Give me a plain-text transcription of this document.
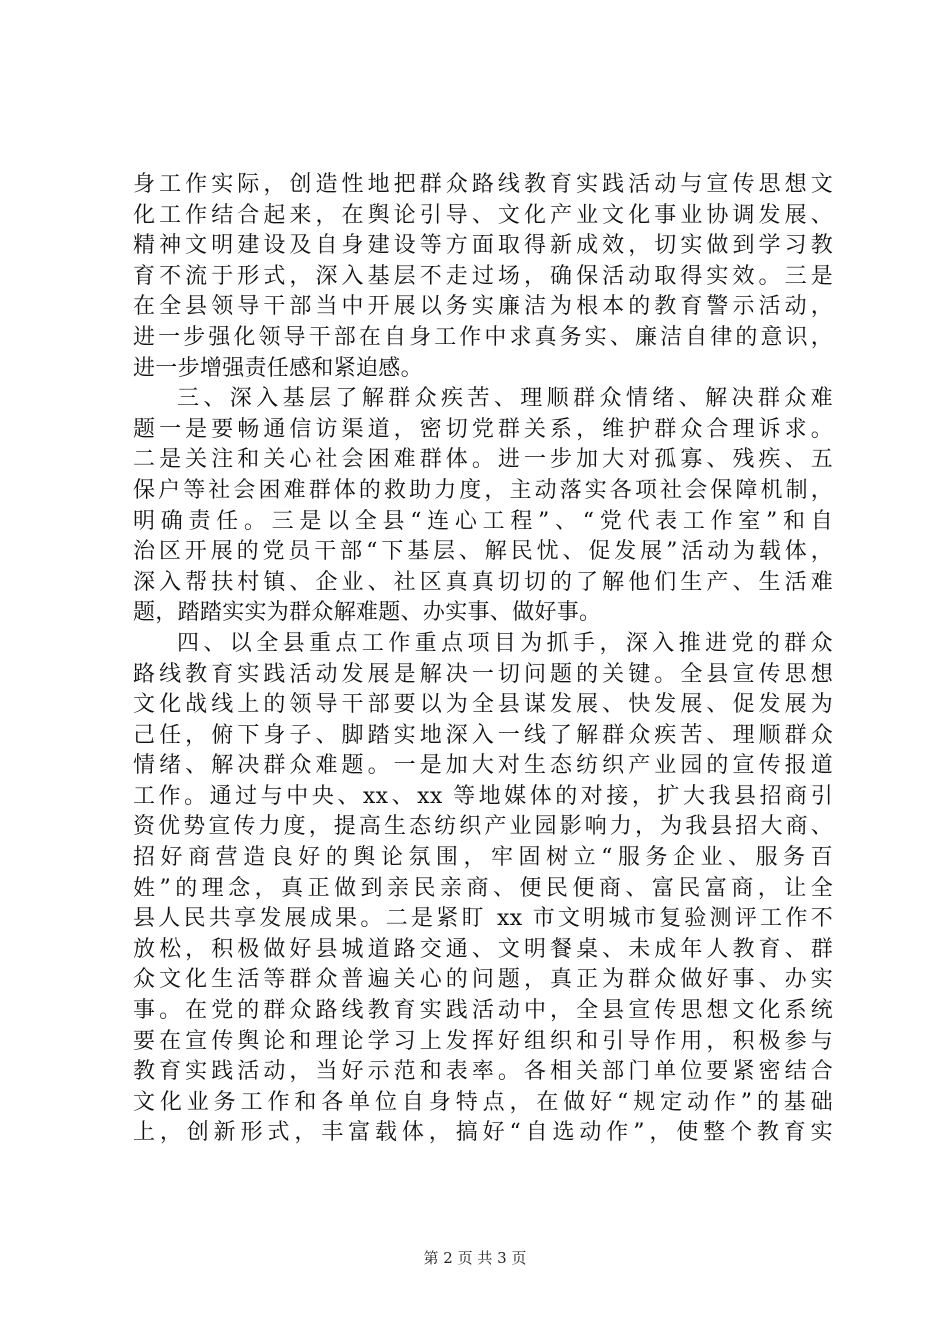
身工作实际，创造性地把群众路线教育实践活动与宣传思想文
化工作结合起来，在舆论引导、文化产业文化事业协调发展、
精神文明建设及自身建设等方面取得新成效，切实做到学习教
育不流于形式，深入基层不走过场，确保活动取得实效。三是
在全县领导干部当中开展以务实廉洁为根本的教育警示活动，
进一步强化领导干部在自身工作中求真务实、廉洁自律的意识，
进一步增强责任感和紧迫感。
三、深入基层了解群众疾苦、理顺群众情绪、解决群众难
题一是要畅通信访渠道，密切党群关系，维护群众合理诉求。
二是关注和关心社会困难群体。进一步加大对孤寡、残疾、五
保户等社会困难群体的救助力度，主动落实各项社会保障机制，
明确责任。三是以全县“连心工程”、“党代表工作室”和自
治区开展的党员干部“下基层、解民忧、促发展”活动为载体，
深入帮扶村镇、企业、社区真真切切的了解他们生产、生活难
题，踏踏实实为群众解难题、办实事、做好事。
四、以全县重点工作重点项目为抓手，深入推进党的群众
路线教育实践活动发展是解决一切问题的关键。全县宣传思想
文化战线上的领导干部要以为全县谋发展、快发展、促发展为
己任，俯下身子、脚踏实地深入一线了解群众疾苦、理顺群众
情绪、解决群众难题。一是加大对生态纺织产业园的宣传报道
工作。通过与中央、xx、xx 等地媒体的对接，扩大我县招商引
资优势宣传力度，提高生态纺织产业园影响力，为我县招大商、
招好商营造良好的舆论氛围，牢固树立“服务企业、服务百
姓”的理念，真正做到亲民亲商、便民便商、富民富商，让全
县人民共享发展成果。二是紧盯 xx 市文明城市复验测评工作不
放松，积极做好县城道路交通、文明餐桌、未成年人教育、群
众文化生活等群众普遍关心的问题，真正为群众做好事、办实
事。在党的群众路线教育实践活动中，全县宣传思想文化系统
要在宣传舆论和理论学习上发挥好组织和引导作用，积极参与
教育实践活动，当好示范和表率。各相关部门单位要紧密结合
文化业务工作和各单位自身特点，在做好“规定动作”的基础
上，创新形式，丰富载体，搞好“自选动作”，使整个教育实
第 2 页 共 3 页
